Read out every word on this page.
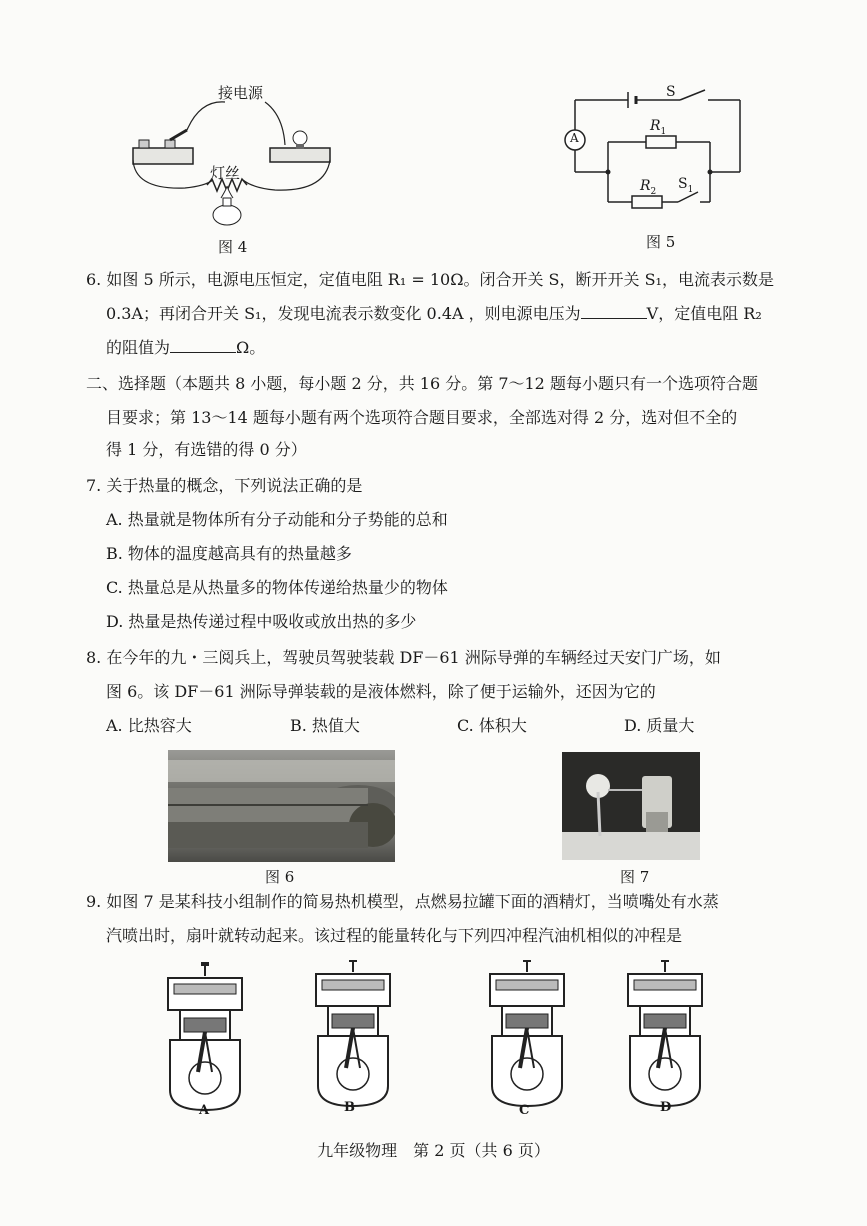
接电源
灯丝
图 4
A
S
$R_1$
$R_2$ $S_1$
图 5
6. 如图 5 所示，电源电压恒定，定值电阻 R₁ = 10Ω。闭合开关 S，断开开关 S₁，电流表示数是
0.3A；再闭合开关 S₁，发现电流表示数变化 0.4A ，则电源电压为	V，定值电阻 R₂
的阻值为	Ω。
二、选择题（本题共 8 小题，每小题 2 分，共 16 分。第 7～12 题每小题只有一个选项符合题
目要求；第 13～14 题每小题有两个选项符合题目要求，全部选对得 2 分，选对但不全的
得 1 分，有选错的得 0 分）
7. 关于热量的概念，下列说法正确的是
A. 热量就是物体所有分子动能和分子势能的总和
B. 物体的温度越高具有的热量越多
C. 热量总是从热量多的物体传递给热量少的物体
D. 热量是热传递过程中吸收或放出热的多少
8. 在今年的九・三阅兵上，驾驶员驾驶装载 DF－61 洲际导弹的车辆经过天安门广场，如
图 6。该 DF－61 洲际导弹装载的是液体燃料，除了便于运输外，还因为它的
A. 比热容大	B. 热值大	C. 体积大	D. 质量大
图 6	图 7
9. 如图 7 是某科技小组制作的简易热机模型，点燃易拉罐下面的酒精灯，当喷嘴处有水蒸
汽喷出时，扇叶就转动起来。该过程的能量转化与下列四冲程汽油机相似的冲程是
A	B	C	D
九年级物理　第 2 页（共 6 页）
